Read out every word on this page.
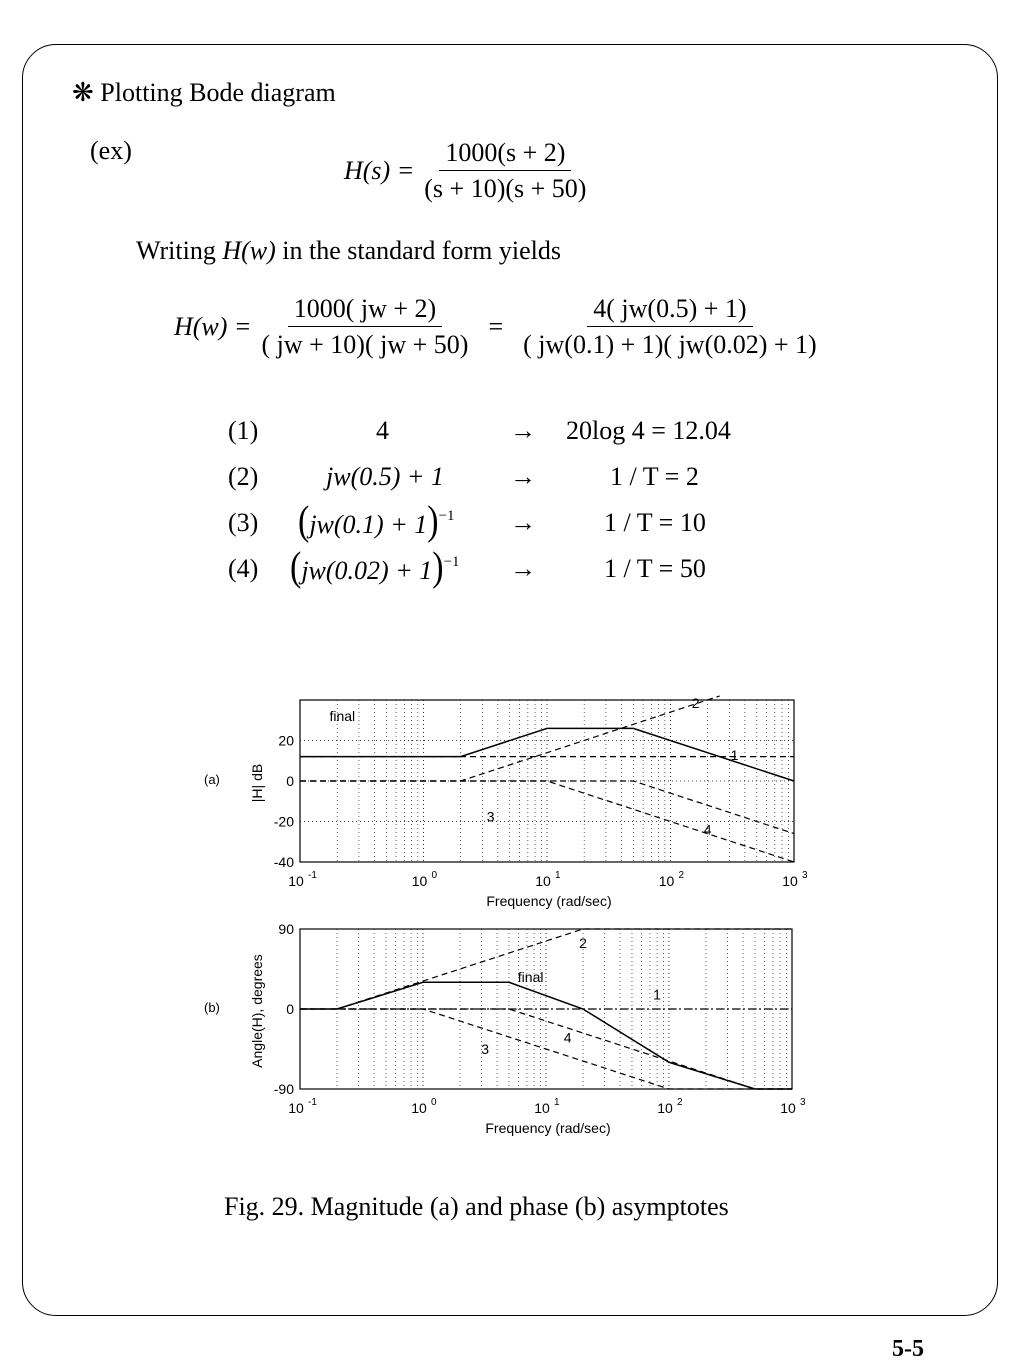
❋ Plotting Bode diagram
(ex)
$H(s) = \frac{1000(s + 2)}{(s + 10)(s + 50)}$
Writing H(w) in the standard form yields
$H(w) = \frac{1000( jw + 2)}{( jw + 10)( jw + 50)} = \frac{4( jw(0.5) + 1)}{( jw(0.1) + 1)( jw(0.02) + 1)}$
(1)	4	→ 20log 4 = 12.04
(2)	jw(0.5) + 1	→	1 / T = 2
(3) $(jw(0.1) + 1)^{-1}$ →	1 / T = 10
(4) $(jw(0.02) + 1)^{-1}$ →	1 / T = 50
20
0
-20
-40
10 -1	10 0	10 1	10 2	10 3
Frequency (rad/sec)
|H| dB
(a)
final
1
2
3
4
90
0
-90
10 -1	10 0	10 1	10 2	10 3
Frequency (rad/sec)
Angle(H), degrees
(b)
final
1
2
3
4
Fig. 29. Magnitude (a) and phase (b) asymptotes
5-5
